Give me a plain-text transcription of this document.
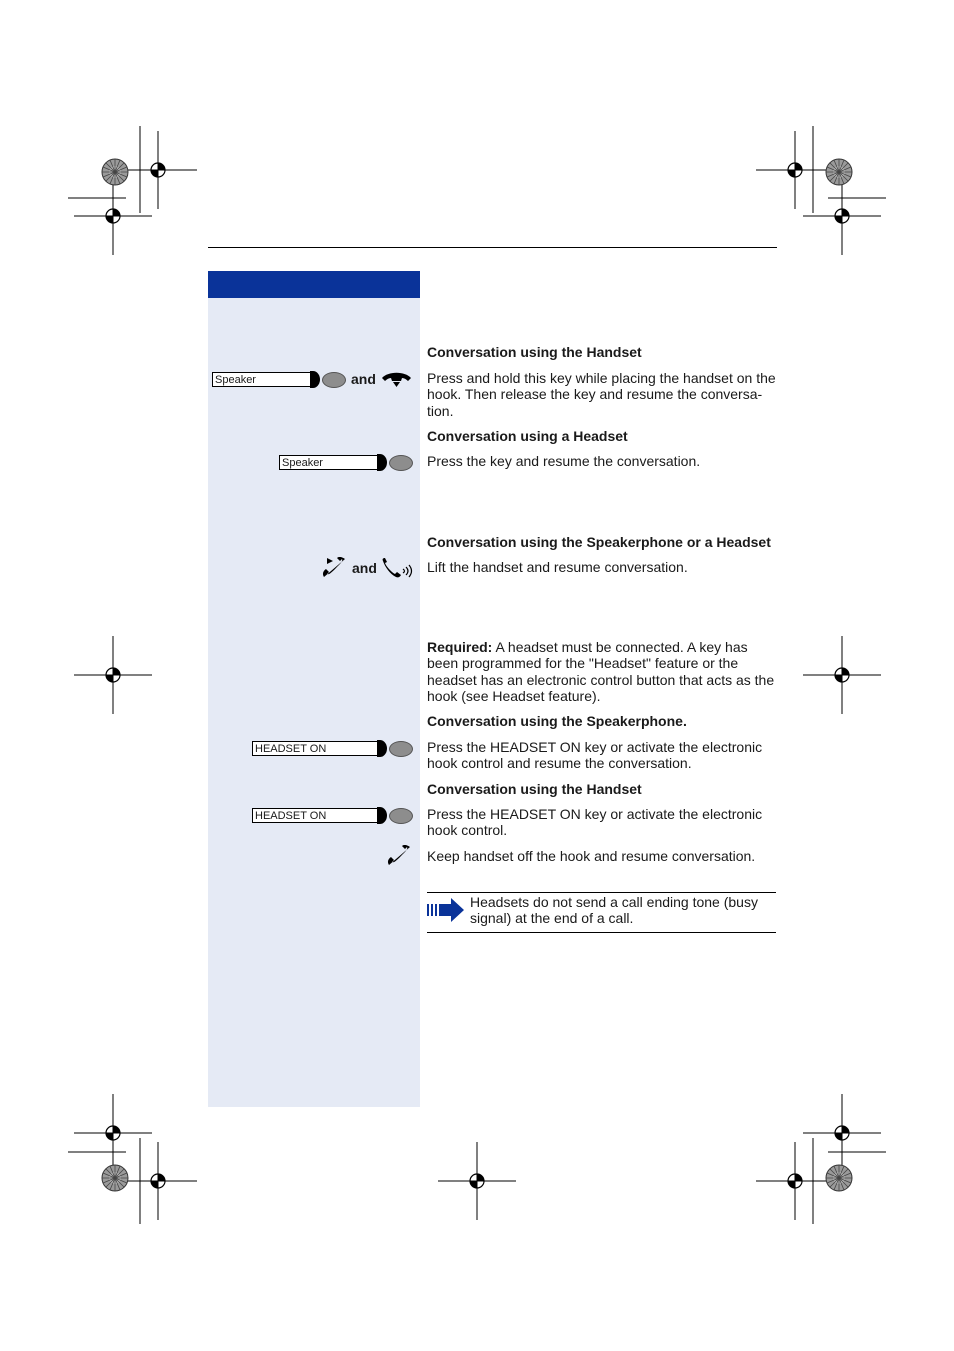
Conversation using the Handset
Speaker	and	Press and hold this key while placing the handset on the hook. Then release the key and resume the conversa-tion.
Conversation using a Headset
Speaker	Press the key and resume the conversation.
Conversation using the Speakerphone or a Headset
and	Lift the handset and resume conversation.
Required: A headset must be connected. A key has been programmed for the "Headset" feature or the headset has an electronic control button that acts as the hook (see Headset feature).
Conversation using the Speakerphone.
HEADSET ON	Press the HEADSET ON key or activate the electronic hook control and resume the conversation.
Conversation using the Handset
HEADSET ON	Press the HEADSET ON key or activate the electronic hook control.
Keep handset off the hook and resume conversation.
Headsets do not send a call ending tone (busy signal) at the end of a call.
